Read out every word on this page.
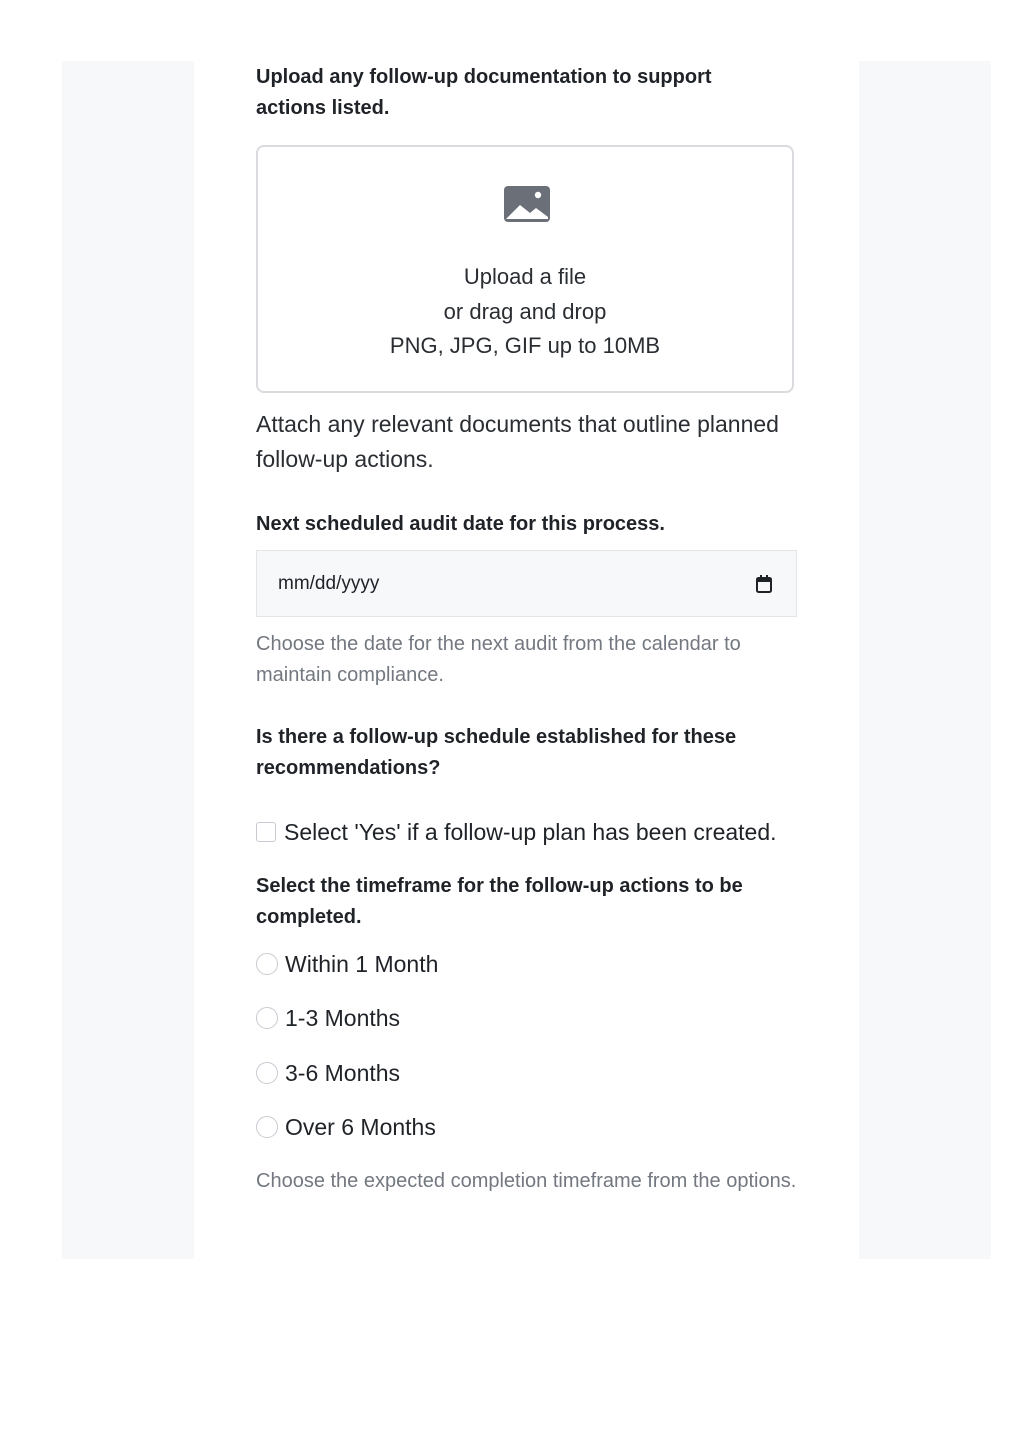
Upload any follow-up documentation to support actions listed.
Upload a file
or drag and drop
PNG, JPG, GIF up to 10MB
Attach any relevant documents that outline planned follow-up actions.
Next scheduled audit date for this process.
mm/dd/yyyy
Choose the date for the next audit from the calendar to maintain compliance.
Is there a follow-up schedule established for these recommendations?
Select 'Yes' if a follow-up plan has been created.
Select the timeframe for the follow-up actions to be completed.
Within 1 Month
1-3 Months
3-6 Months
Over 6 Months
Choose the expected completion timeframe from the options.
